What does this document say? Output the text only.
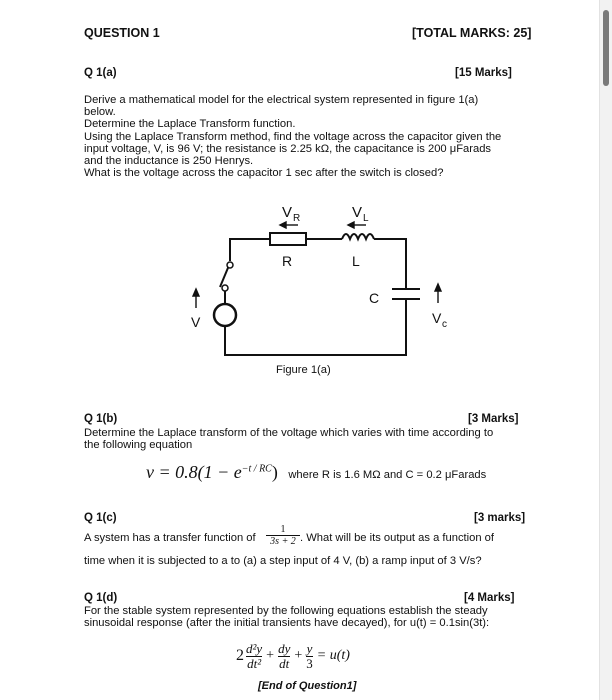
QUESTION 1	[TOTAL MARKS: 25]
Q 1(a)	[15 Marks]
Derive a mathematical model for the electrical system represented in figure 1(a)
below.
Determine the Laplace Transform function.
Using the Laplace Transform method, find the voltage across the capacitor given the
input voltage, V, is 96 V; the resistance is 2.25 kΩ, the capacitance is 200 μFarads
and the inductance is 250 Henrys.
What is the voltage across the capacitor 1 sec after the switch is closed?
V R	V L
R	L
C
V	V c
Figure 1(a)
Q 1(b)	[3 Marks]
Determine the Laplace transform of the voltage which varies with time according to
the following equation
$v = 0.8(1 - e^{-t / RC})$ where R is 1.6 MΩ and C = 0.2 μFarads
Q 1(c)	[3 marks]
A system has a transfer function of
1
3s + 2 . What will be its output as a function of
time when it is subjected to a to (a) a step input of 4 V, (b) a ramp input of 3 V/s?
Q 1(d)	[4 Marks]
For the stable system represented by the following equations establish the steady
sinusoidal response (after the initial transients have decayed), for u(t) = 0.1sin(3t):
2 d²y
dt² + dy
dt + y
3 = u(t)
[End of Question1]
